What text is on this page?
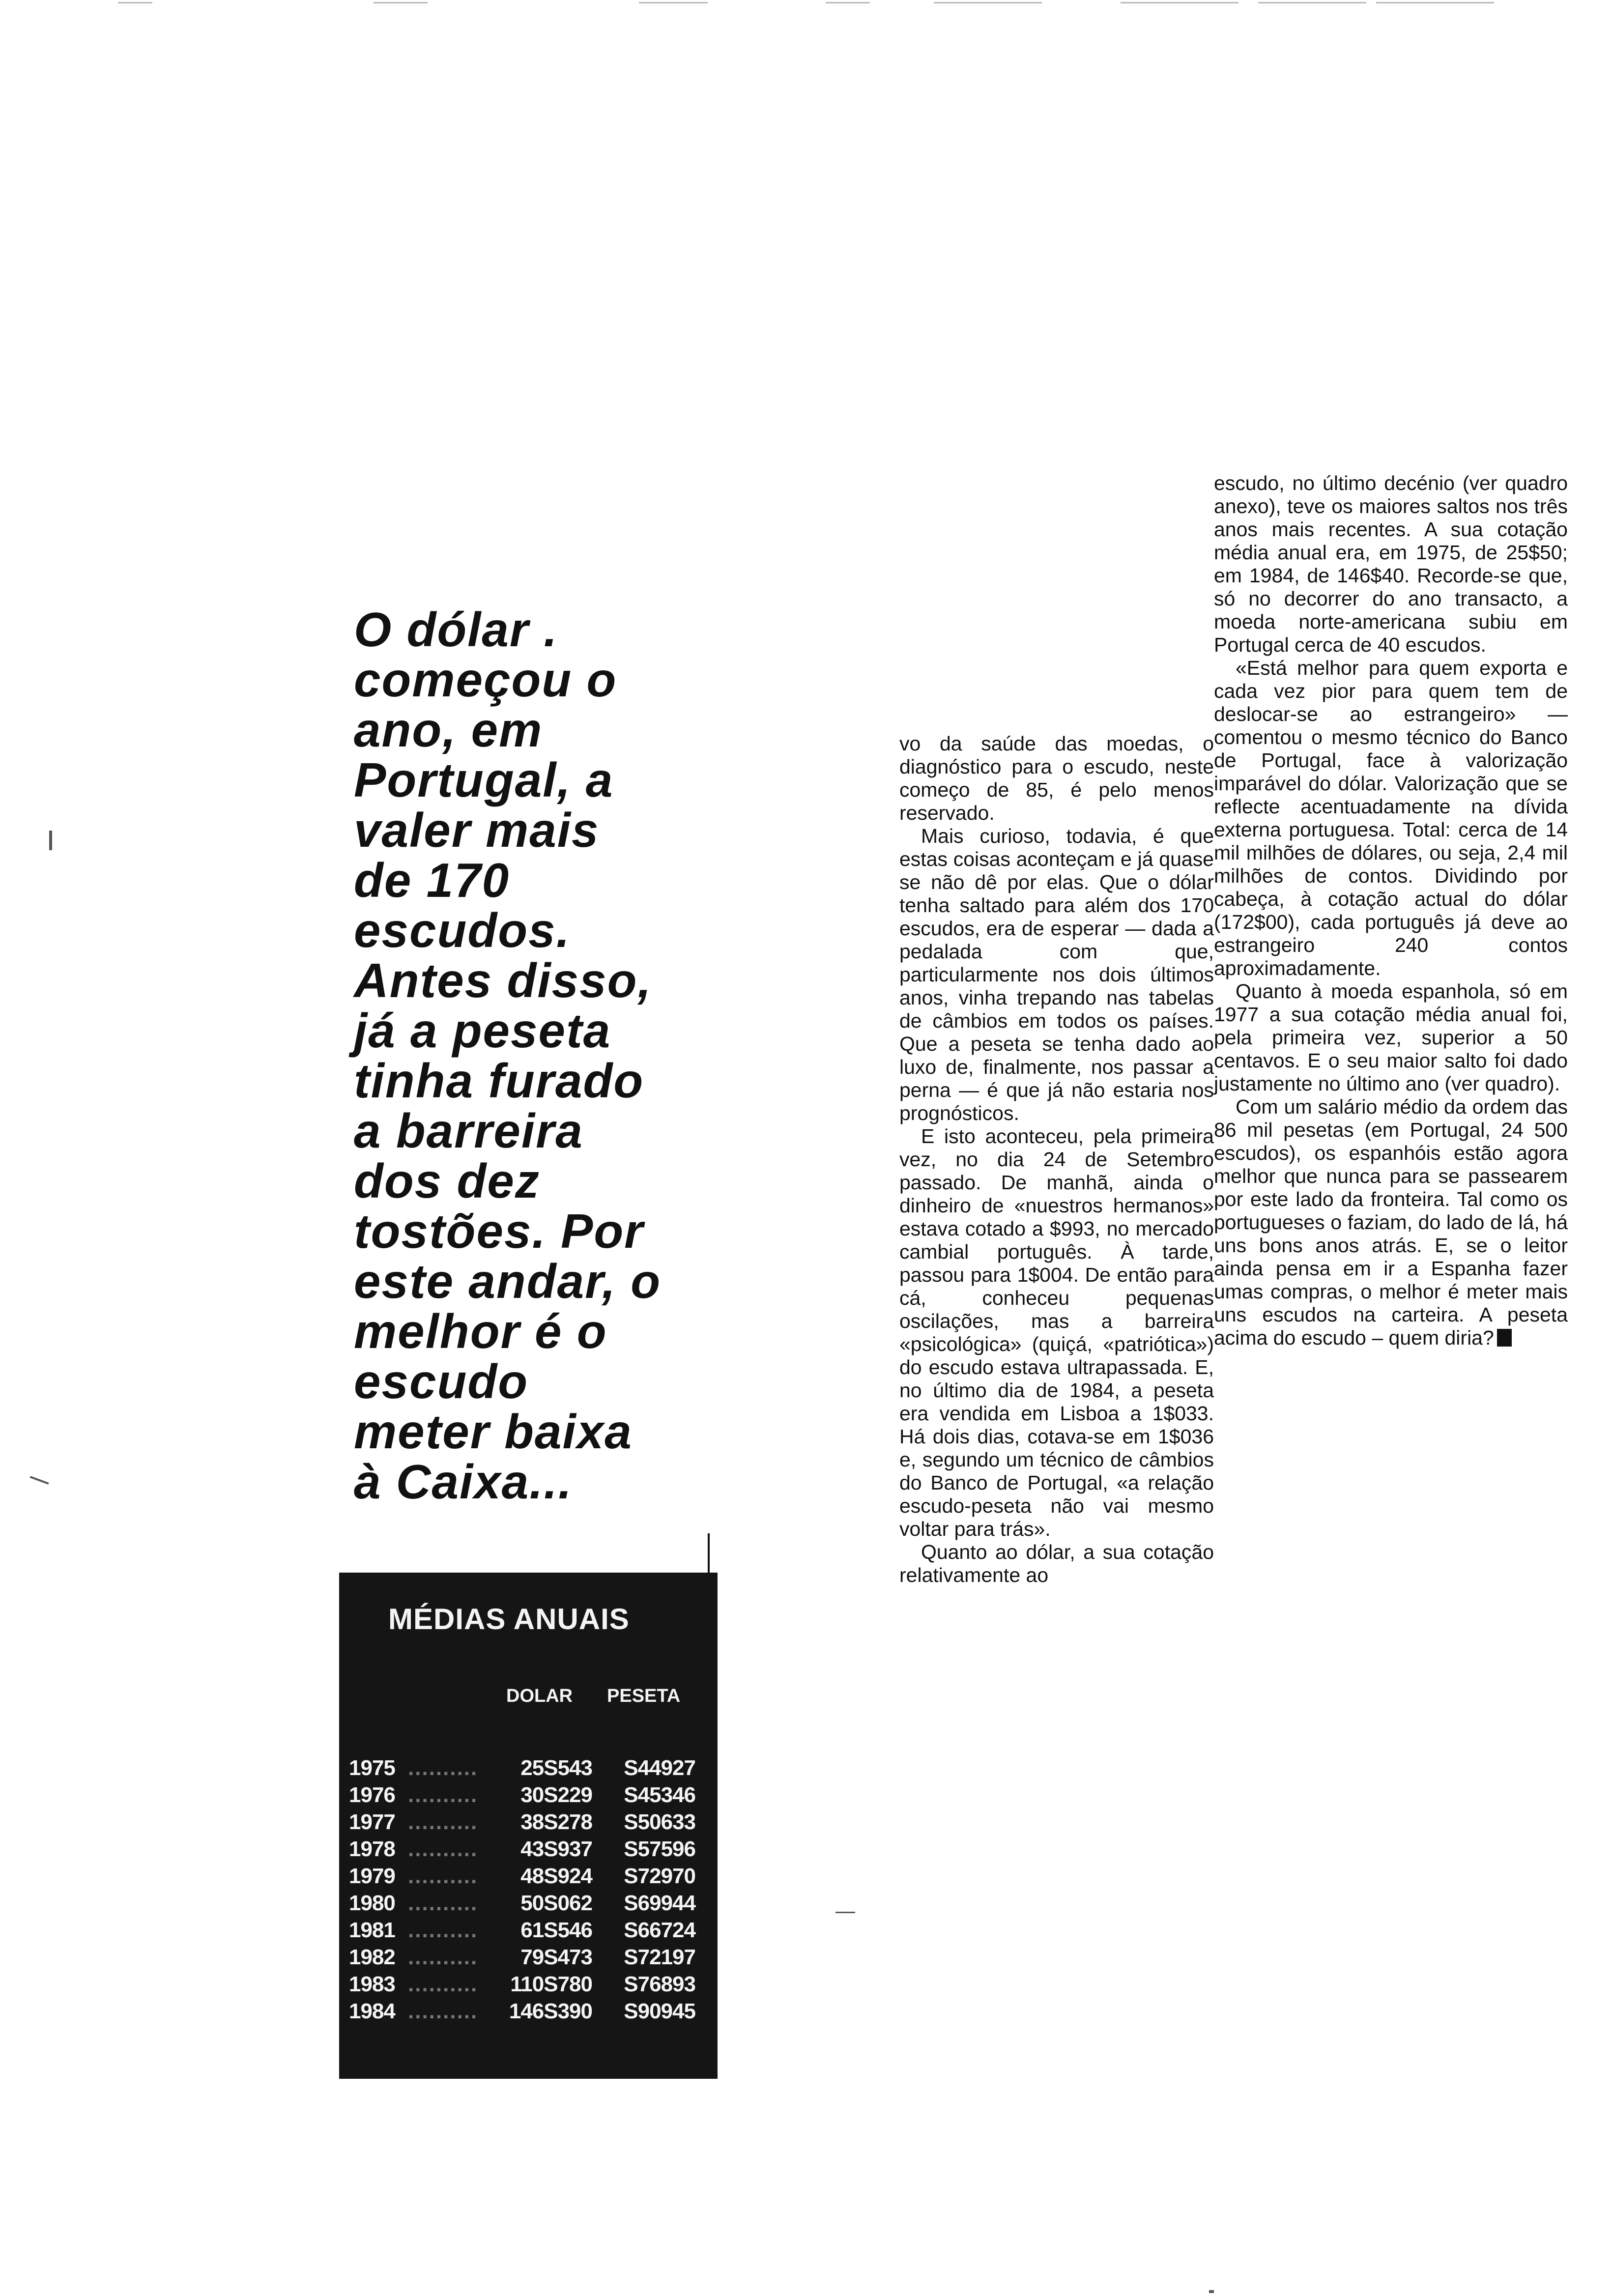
O dólar .
começou o
ano, em
Portugal, a
valer mais
de 170
escudos.
Antes disso,
já a peseta
tinha furado
a barreira
dos dez
tostões. Por
este andar, o
melhor é o
escudo
meter baixa
à Caixa...
MÉDIAS ANUAIS
DOLAR PESETA
1975 ..........	25S543	S44927
1976 ..........	30S229	S45346
1977 ..........	38S278	S50633
1978 ..........	43S937	S57596
1979 ..........	48S924	S72970
1980 ..........	50S062	S69944
1981 ..........	61S546	S66724
1982 ..........	79S473	S72197
1983 ..........	110S780	S76893
1984 ..........	146S390	S90945

vo da saúde das moedas, o diagnóstico para o escudo, neste começo de 85, é pelo menos reservado.

Mais curioso, todavia, é que estas coisas aconteçam e já quase se não dê por elas. Que o dólar tenha saltado para além dos 170 escudos, era de esperar — dada a pedalada com que, particularmente nos dois últimos anos, vinha trepando nas tabelas de câmbios em todos os países. Que a peseta se tenha dado ao luxo de, finalmente, nos passar a perna — é que já não estaria nos prognósticos.

E isto aconteceu, pela primeira vez, no dia 24 de Setembro passado. De manhã, ainda o dinheiro de «nuestros hermanos» estava cotado a $993, no mercado cambial português. À tarde, passou para 1$004. De então para cá, conheceu pequenas oscilações, mas a barreira «psicológica» (quiçá, «patriótica») do escudo estava ultrapassada. E, no último dia de 1984, a peseta era vendida em Lisboa a 1$033. Há dois dias, cotava-se em 1$036 e, segundo um técnico de câmbios do Banco de Portugal, «a relação escudo-peseta não vai mesmo voltar para trás».

Quanto ao dólar, a sua cotação relativamente ao

escudo, no último decénio (ver quadro anexo), teve os maiores saltos nos três anos mais recentes. A sua cotação média anual era, em 1975, de 25$50; em 1984, de 146$40. Recorde-se que, só no decorrer do ano transacto, a moeda norte-americana subiu em Portugal cerca de 40 escudos.

«Está melhor para quem exporta e cada vez pior para quem tem de deslocar-se ao estrangeiro» — comentou o mesmo técnico do Banco de Portugal, face à valorização imparável do dólar. Valorização que se reflecte acentuadamente na dívida externa portuguesa. Total: cerca de 14 mil milhões de dólares, ou seja, 2,4 mil milhões de contos. Dividindo por cabeça, à cotação actual do dólar (172$00), cada português já deve ao estrangeiro 240 contos aproximadamente.

Quanto à moeda espanhola, só em 1977 a sua cotação média anual foi, pela primeira vez, superior a 50 centavos. E o seu maior salto foi dado justamente no último ano (ver quadro).

Com um salário médio da ordem das 86 mil pesetas (em Portugal, 24 500 escudos), os espanhóis estão agora melhor que nunca para se passearem por este lado da fronteira. Tal como os portugueses o faziam, do lado de lá, há uns bons anos atrás. E, se o leitor ainda pensa em ir a Espanha fazer umas compras, o melhor é meter mais uns escudos na carteira. A peseta acima do escudo – quem diria?
